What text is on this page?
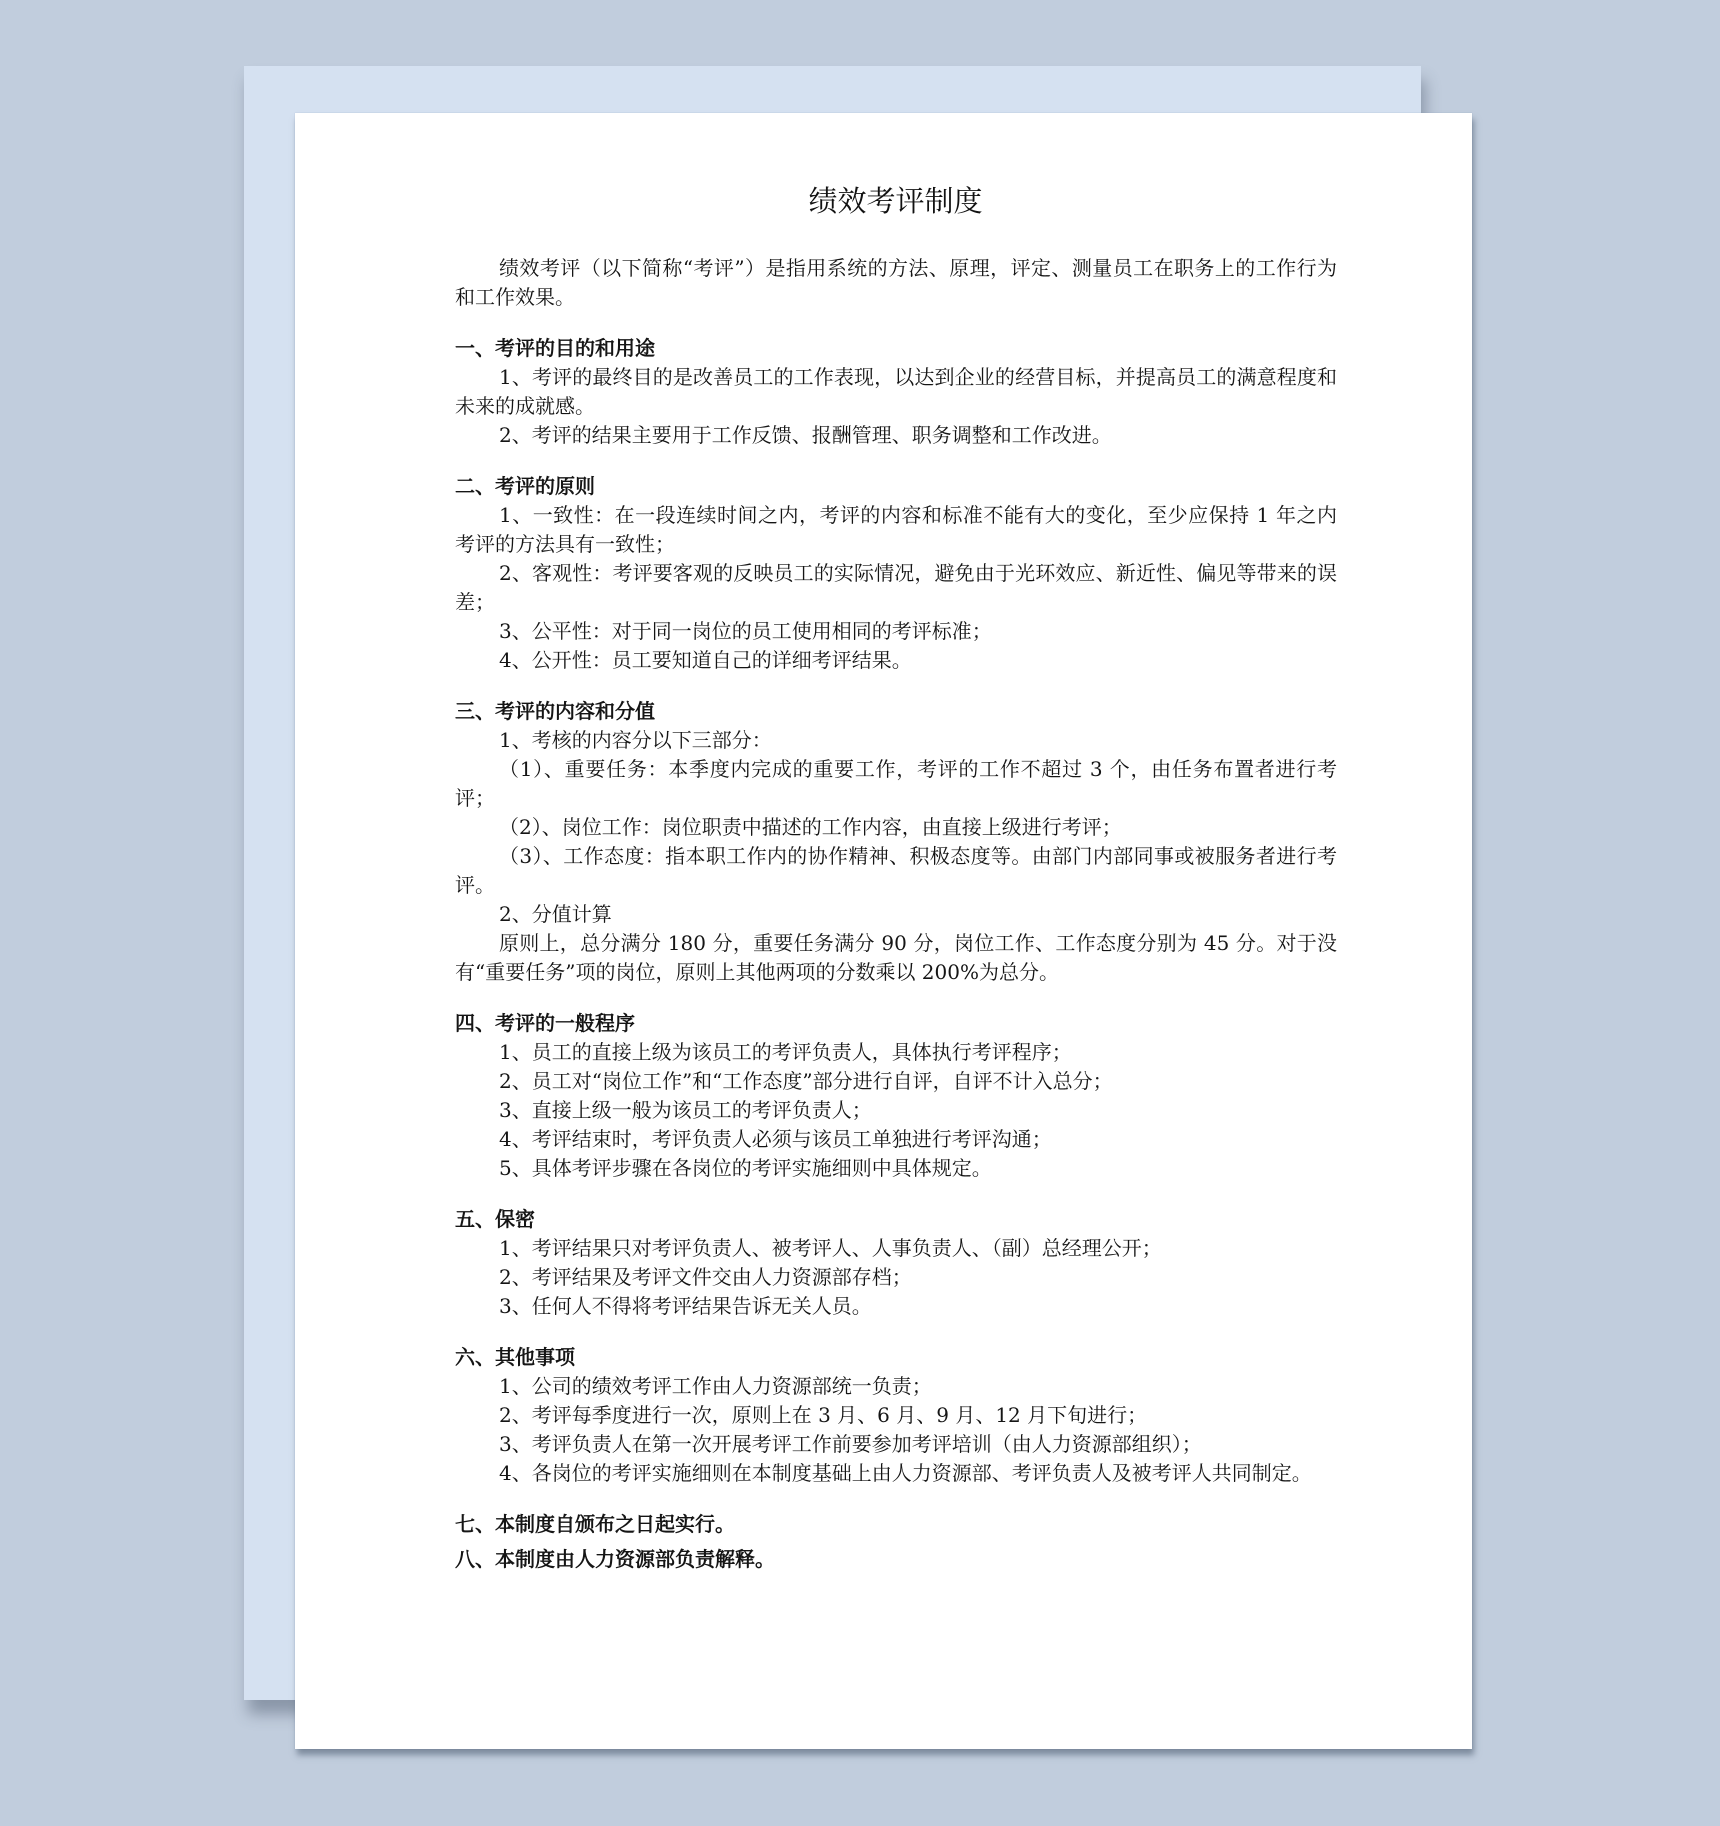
绩效考评制度

绩效考评（以下简称“考评”）是指用系统的方法、原理，评定、测量员工在职务上的工作行为和工作效果。

一、考评的目的和用途

1、考评的最终目的是改善员工的工作表现，以达到企业的经营目标，并提高员工的满意程度和未来的成就感。

2、考评的结果主要用于工作反馈、报酬管理、职务调整和工作改进。

二、考评的原则

1、一致性：在一段连续时间之内，考评的内容和标准不能有大的变化，至少应保持 1 年之内考评的方法具有一致性；

2、客观性：考评要客观的反映员工的实际情况，避免由于光环效应、新近性、偏见等带来的误差；

3、公平性：对于同一岗位的员工使用相同的考评标准；

4、公开性：员工要知道自己的详细考评结果。

三、考评的内容和分值

1、考核的内容分以下三部分：

（1）、重要任务：本季度内完成的重要工作，考评的工作不超过 3 个，由任务布置者进行考评；

（2）、岗位工作：岗位职责中描述的工作内容，由直接上级进行考评；

（3）、工作态度：指本职工作内的协作精神、积极态度等。由部门内部同事或被服务者进行考评。

2、分值计算

原则上，总分满分 180 分，重要任务满分 90 分，岗位工作、工作态度分别为 45 分。对于没有“重要任务”项的岗位，原则上其他两项的分数乘以 200%为总分。

四、考评的一般程序

1、员工的直接上级为该员工的考评负责人，具体执行考评程序；

2、员工对“岗位工作”和“工作态度”部分进行自评，自评不计入总分；

3、直接上级一般为该员工的考评负责人；

4、考评结束时，考评负责人必须与该员工单独进行考评沟通；

5、具体考评步骤在各岗位的考评实施细则中具体规定。

五、保密

1、考评结果只对考评负责人、被考评人、人事负责人、（副）总经理公开；

2、考评结果及考评文件交由人力资源部存档；

3、任何人不得将考评结果告诉无关人员。

六、其他事项

1、公司的绩效考评工作由人力资源部统一负责；

2、考评每季度进行一次，原则上在 3 月、6 月、9 月、12 月下旬进行；

3、考评负责人在第一次开展考评工作前要参加考评培训（由人力资源部组织）；

4、各岗位的考评实施细则在本制度基础上由人力资源部、考评负责人及被考评人共同制定。

七、本制度自颁布之日起实行。

八、本制度由人力资源部负责解释。
